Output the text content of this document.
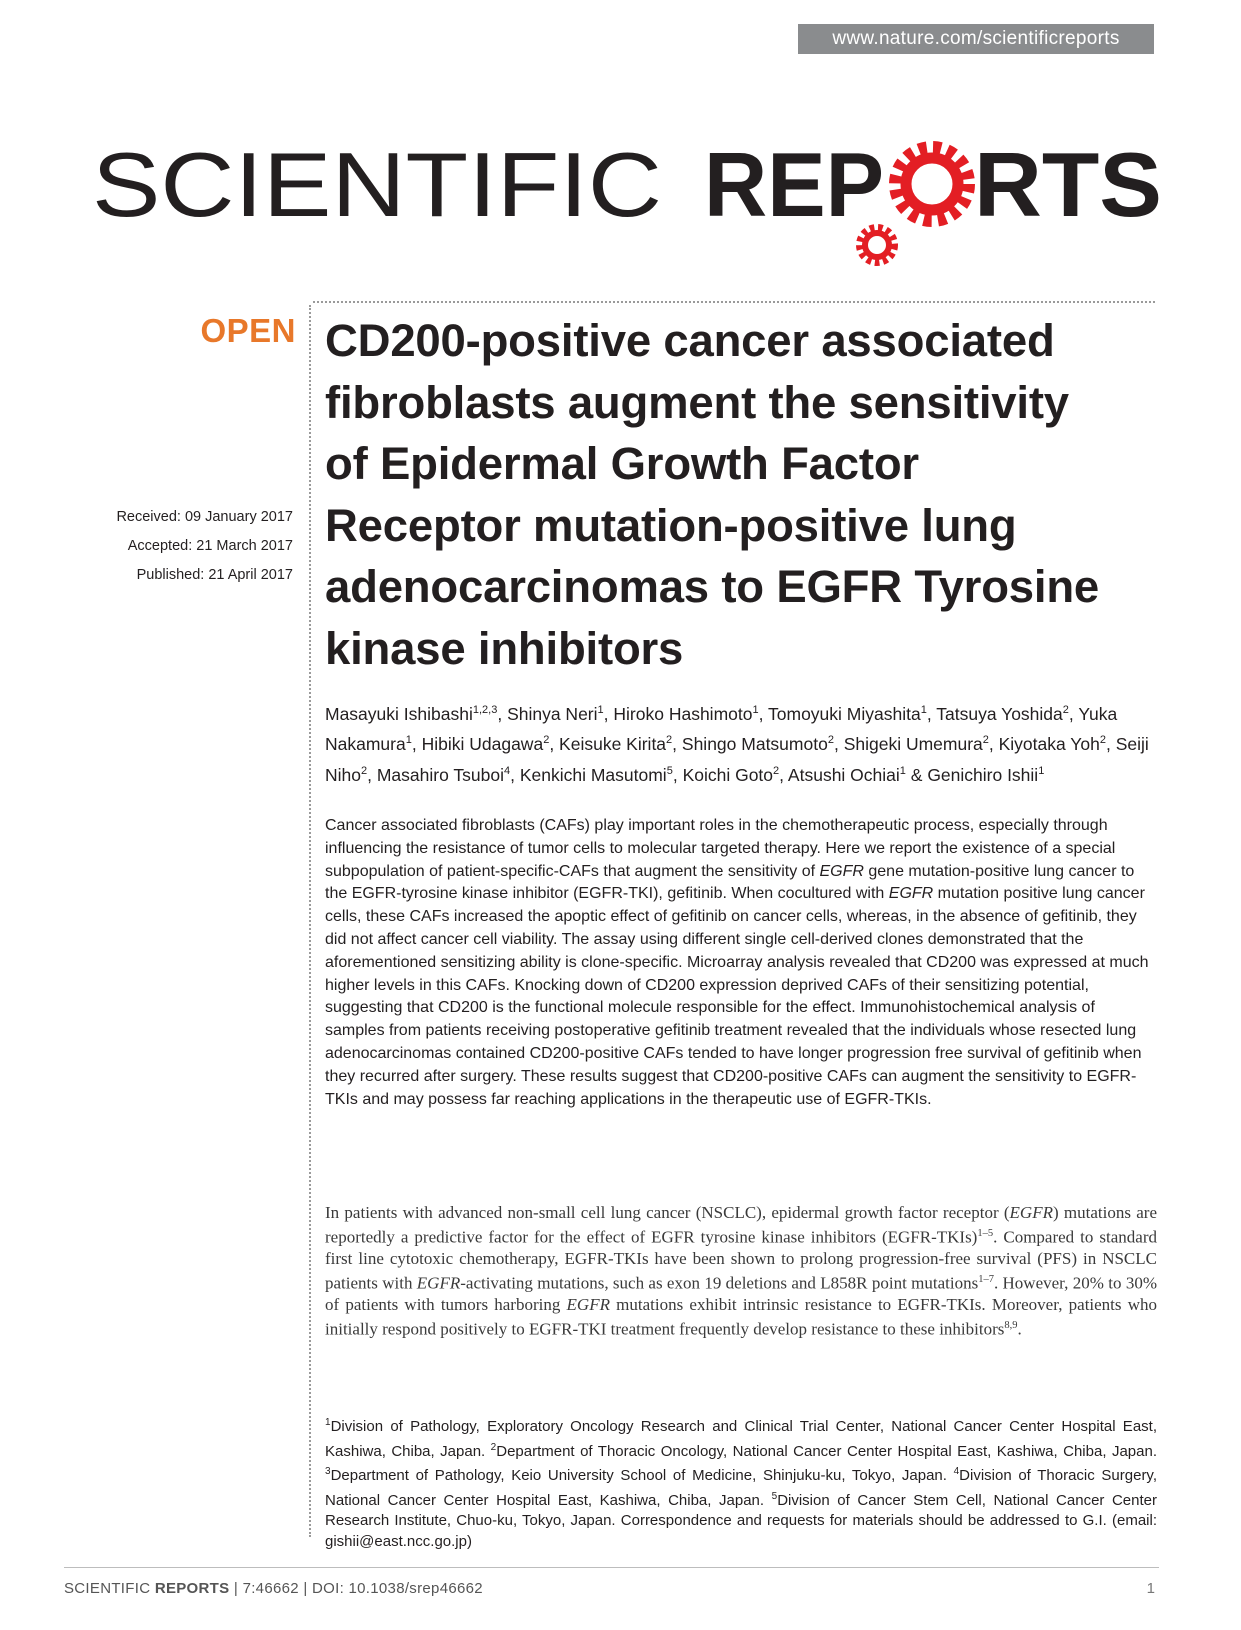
www.nature.com/scientificreports
SCIENTIFIC REP RTS
OPEN
Received: 09 January 2017
Accepted: 21 March 2017
Published: 21 April 2017
CD200-positive cancer associated
fibroblasts augment the sensitivity
of Epidermal Growth Factor
Receptor mutation-positive lung
adenocarcinomas to EGFR Tyrosine
kinase inhibitors
Masayuki Ishibashi$^{1,2,3}$, Shinya Neri$^1$, Hiroko Hashimoto$^1$, Tomoyuki Miyashita$^1$, Tatsuya Yoshida$^2$, Yuka Nakamura$^1$, Hibiki Udagawa$^2$, Keisuke Kirita$^2$, Shingo Matsumoto$^2$, Shigeki Umemura$^2$, Kiyotaka Yoh$^2$, Seiji Niho$^2$, Masahiro Tsuboi$^4$, Kenkichi Masutomi$^5$, Koichi Goto$^2$, Atsushi Ochiai$^1$ & Genichiro Ishii$^1$
Cancer associated fibroblasts (CAFs) play important roles in the chemotherapeutic process, especially through influencing the resistance of tumor cells to molecular targeted therapy. Here we report the existence of a special subpopulation of patient-specific-CAFs that augment the sensitivity of EGFR gene mutation-positive lung cancer to the EGFR-tyrosine kinase inhibitor (EGFR-TKI), gefitinib. When cocultured with EGFR mutation positive lung cancer cells, these CAFs increased the apoptic effect of gefitinib on cancer cells, whereas, in the absence of gefitinib, they did not affect cancer cell viability. The assay using different single cell-derived clones demonstrated that the aforementioned sensitizing ability is clone-specific. Microarray analysis revealed that CD200 was expressed at much higher levels in this CAFs. Knocking down of CD200 expression deprived CAFs of their sensitizing potential, suggesting that CD200 is the functional molecule responsible for the effect. Immunohistochemical analysis of samples from patients receiving postoperative gefitinib treatment revealed that the individuals whose resected lung adenocarcinomas contained CD200-positive CAFs tended to have longer progression free survival of gefitinib when they recurred after surgery. These results suggest that CD200-positive CAFs can augment the sensitivity to EGFR-TKIs and may possess far reaching applications in the therapeutic use of EGFR-TKIs.
In patients with advanced non-small cell lung cancer (NSCLC), epidermal growth factor receptor (EGFR) mutations are reportedly a predictive factor for the effect of EGFR tyrosine kinase inhibitors (EGFR-TKIs)$^{1-5}$. Compared to standard first line cytotoxic chemotherapy, EGFR-TKIs have been shown to prolong progression-free survival (PFS) in NSCLC patients with EGFR-activating mutations, such as exon 19 deletions and L858R point mutations$^{1-7}$. However, 20% to 30% of patients with tumors harboring EGFR mutations exhibit intrinsic resistance to EGFR-TKIs. Moreover, patients who initially respond positively to EGFR-TKI treatment frequently develop resistance to these inhibitors$^{8,9}$.
$^1$Division of Pathology, Exploratory Oncology Research and Clinical Trial Center, National Cancer Center Hospital East, Kashiwa, Chiba, Japan. $^2$Department of Thoracic Oncology, National Cancer Center Hospital East, Kashiwa, Chiba, Japan. $^3$Department of Pathology, Keio University School of Medicine, Shinjuku-ku, Tokyo, Japan. $^4$Division of Thoracic Surgery, National Cancer Center Hospital East, Kashiwa, Chiba, Japan. $^5$Division of Cancer Stem Cell, National Cancer Center Research Institute, Chuo-ku, Tokyo, Japan. Correspondence and requests for materials should be addressed to G.I. (email: gishii@east.ncc.go.jp)
SCIENTIFIC REPORTS | 7:46662 | DOI: 10.1038/srep46662	1
